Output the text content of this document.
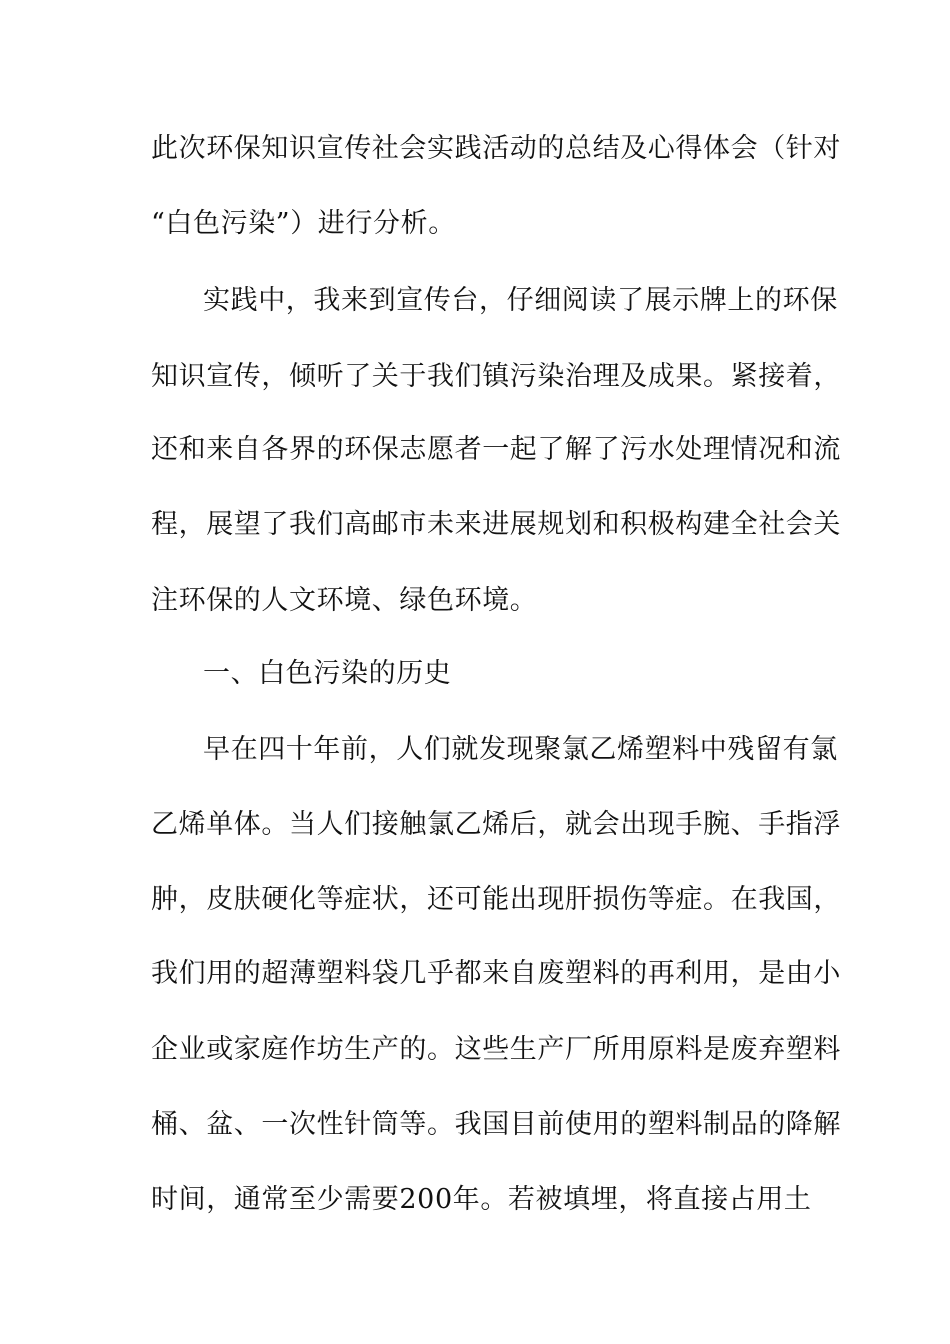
此次环保知识宣传社会实践活动的总结及心得体会（针对
“白色污染”）进行分析。
实践中，我来到宣传台，仔细阅读了展示牌上的环保
知识宣传，倾听了关于我们镇污染治理及成果。紧接着，
还和来自各界的环保志愿者一起了解了污水处理情况和流
程，展望了我们高邮市未来进展规划和积极构建全社会关
注环保的人文环境、绿色环境。
一、白色污染的历史
早在四十年前，人们就发现聚氯乙烯塑料中残留有氯
乙烯单体。当人们接触氯乙烯后，就会出现手腕、手指浮
肿，皮肤硬化等症状，还可能出现肝损伤等症。在我国，
我们用的超薄塑料袋几乎都来自废塑料的再利用，是由小
企业或家庭作坊生产的。这些生产厂所用原料是废弃塑料
桶、盆、一次性针筒等。我国目前使用的塑料制品的降解
时间，通常至少需要200年。若被填埋，将直接占用土
